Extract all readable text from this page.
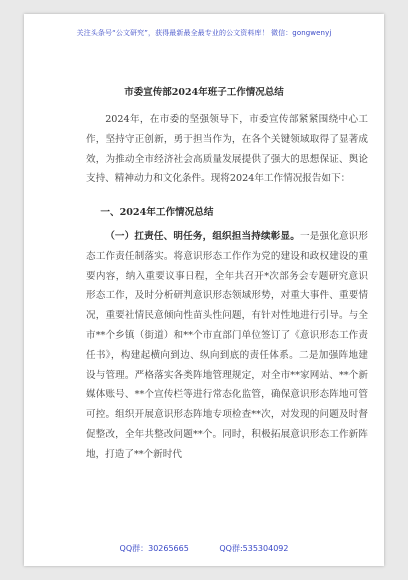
关注头条号“公文研究”，获得最新最全最专业的公文资料库！ 微信：gongwenyj
市委宣传部2024年班子工作情况总结

2024年，在市委的坚强领导下，市委宣传部紧紧围绕中心工作，坚持守正创新，勇于担当作为，在各个关键领域取得了显著成效，为推动全市经济社会高质量发展提供了强大的思想保证、舆论支持、精神动力和文化条件。现将2024年工作情况报告如下：

一、2024年工作情况总结

（一）扛责任、明任务，组织担当持续彰显。一是强化意识形态工作责任制落实。将意识形态工作作为党的建设和政权建设的重要内容，纳入重要议事日程，全年共召开*次部务会专题研究意识形态工作，及时分析研判意识形态领域形势，对重大事件、重要情况，重要社情民意倾向性苗头性问题，有针对性地进行引导。与全市**个乡镇（街道）和**个市直部门单位签订了《意识形态工作责任书》，构建起横向到边、纵向到底的责任体系。二是加强阵地建设与管理。严格落实各类阵地管理规定，对全市**家网站、**个新媒体账号、**个宣传栏等进行常态化监管，确保意识形态阵地可管可控。组织开展意识形态阵地专项检查**次，对发现的问题及时督促整改，全年共整改问题**个。同时，积极拓展意识形态工作新阵地，打造了**个新时代

QQ群：30265665	QQ群:535304092
